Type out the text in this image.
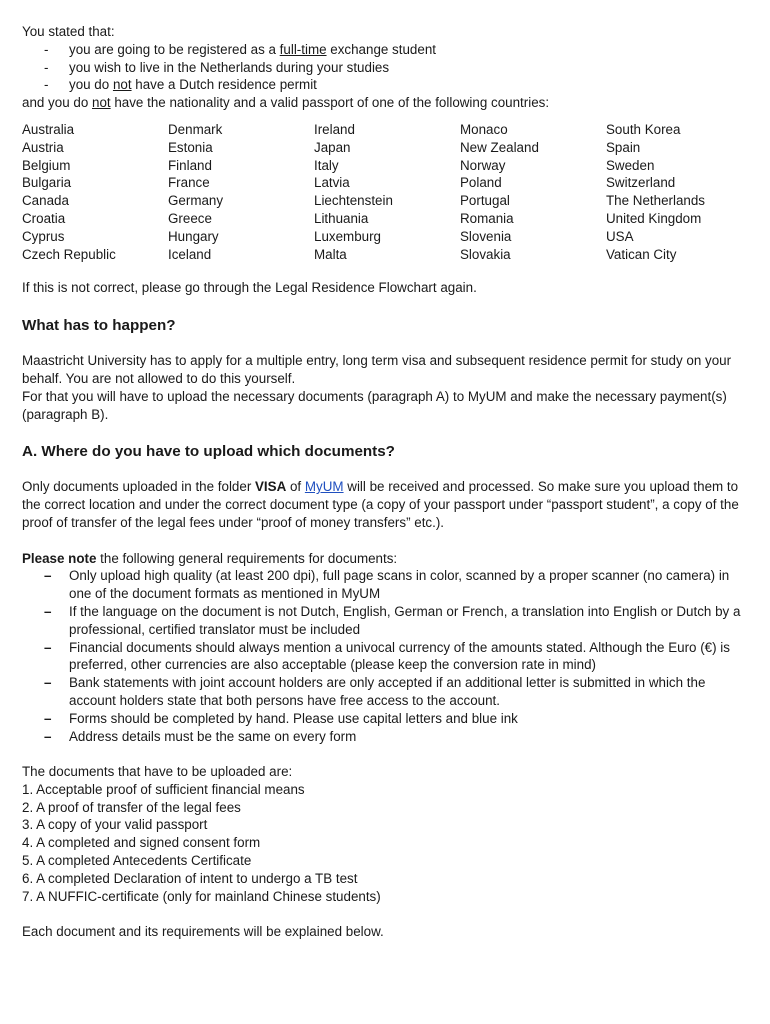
You stated that:
- you are going to be registered as a full-time exchange student
- you wish to live in the Netherlands during your studies
- you do not have a Dutch residence permit
and you do not have the nationality and a valid passport of one of the following countries:
Australia
Austria
Belgium
Bulgaria
Canada
Croatia
Cyprus
Czech Republic
Denmark
Estonia
Finland
France
Germany
Greece
Hungary
Iceland
Ireland
Japan
Italy
Latvia
Liechtenstein
Lithuania
Luxemburg
Malta
Monaco
New Zealand
Norway
Poland
Portugal
Romania
Slovenia
Slovakia
South Korea
Spain
Sweden
Switzerland
The Netherlands
United Kingdom
USA
Vatican City
If this is not correct, please go through the Legal Residence Flowchart again.
What has to happen?
Maastricht University has to apply for a multiple entry, long term visa and subsequent residence permit for study on your behalf. You are not allowed to do this yourself.
For that you will have to upload the necessary documents (paragraph A) to MyUM and make the necessary payment(s) (paragraph B).
A. Where do you have to upload which documents?
Only documents uploaded in the folder VISA of MyUM will be received and processed. So make sure you upload them to the correct location and under the correct document type (a copy of your passport under “passport student”, a copy of the proof of transfer of the legal fees under “proof of money transfers” etc.).
Please note the following general requirements for documents:
– Only upload high quality (at least 200 dpi), full page scans in color, scanned by a proper scanner (no camera) in one of the document formats as mentioned in MyUM
– If the language on the document is not Dutch, English, German or French, a translation into English or Dutch by a professional, certified translator must be included
– Financial documents should always mention a univocal currency of the amounts stated. Although the Euro (€) is preferred, other currencies are also acceptable (please keep the conversion rate in mind)
– Bank statements with joint account holders are only accepted if an additional letter is submitted in which the account holders state that both persons have free access to the account.
– Forms should be completed by hand. Please use capital letters and blue ink
– Address details must be the same on every form
The documents that have to be uploaded are:
1. Acceptable proof of sufficient financial means
2. A proof of transfer of the legal fees
3. A copy of your valid passport
4. A completed and signed consent form
5. A completed Antecedents Certificate
6. A completed Declaration of intent to undergo a TB test
7. A NUFFIC-certificate (only for mainland Chinese students)
Each document and its requirements will be explained below.
